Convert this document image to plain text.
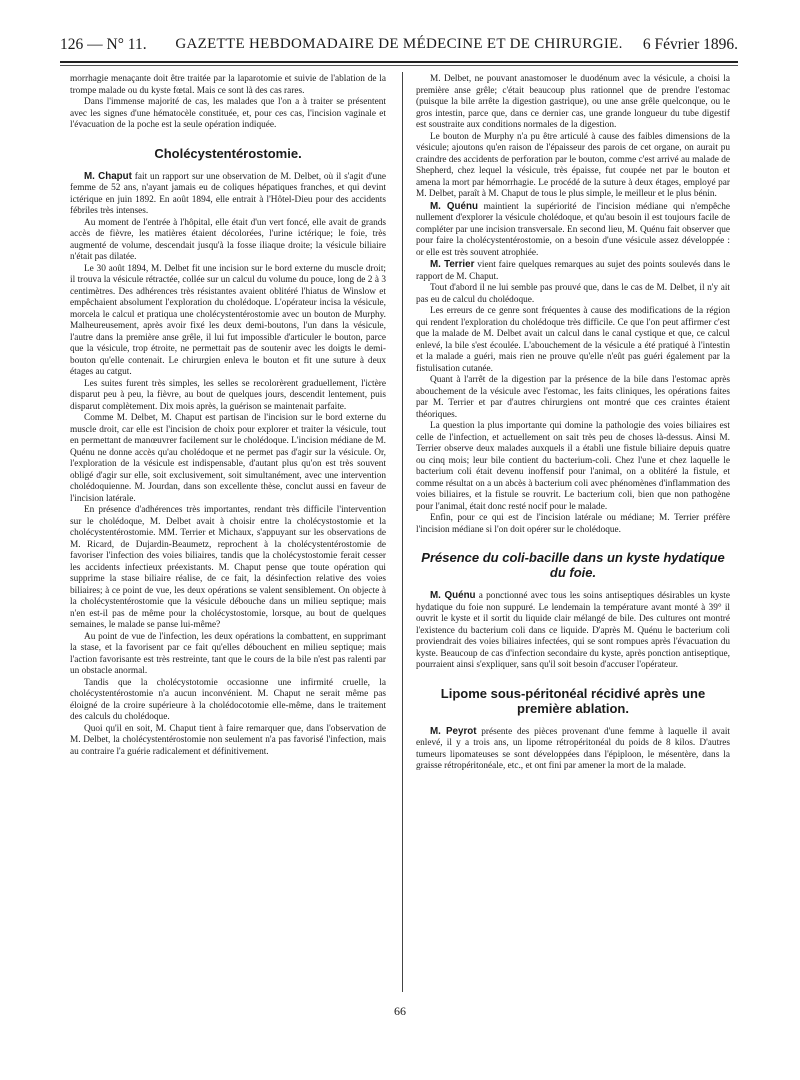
126 — N° 11.	GAZETTE HEBDOMADAIRE DE MÉDECINE ET DE CHIRURGIE.	6 Février 1896.

morrhagie menaçante doit être traitée par la laparotomie et suivie de l'ablation de la trompe malade ou du kyste fœtal. Mais ce sont là des cas rares.

Dans l'immense majorité de cas, les malades que l'on a à traiter se présentent avec les signes d'une hématocèle constituée, et, pour ces cas, l'incision vaginale et l'évacuation de la poche est la seule opération indiquée.

Cholécystentérostomie.

M. Chaput fait un rapport sur une observation de M. Delbet, où il s'agit d'une femme de 52 ans, n'ayant jamais eu de coliques hépatiques franches, et qui devint ictérique en juin 1892. En août 1894, elle entrait à l'Hôtel-Dieu pour des accidents fébriles très intenses.

Au moment de l'entrée à l'hôpital, elle était d'un vert foncé, elle avait de grands accès de fièvre, les matières étaient décolorées, l'urine ictérique; le foie, très augmenté de volume, descendait jusqu'à la fosse iliaque droite; la vésicule biliaire n'était pas dilatée.

Le 30 août 1894, M. Delbet fit une incision sur le bord externe du muscle droit; il trouva la vésicule rétractée, collée sur un calcul du volume du pouce, long de 2 à 3 centimètres. Des adhérences très résistantes avaient oblitéré l'hiatus de Winslow et empêchaient absolument l'exploration du cholédoque. L'opérateur incisa la vésicule, morcela le calcul et pratiqua une cholécystentérostomie avec un bouton de Murphy. Malheureusement, après avoir fixé les deux demi-boutons, l'un dans la vésicule, l'autre dans la première anse grêle, il lui fut impossible d'articuler le bouton, parce que la vésicule, trop étroite, ne permettait pas de soutenir avec les doigts le demi-bouton qu'elle contenait. Le chirurgien enleva le bouton et fit une suture à deux étages au catgut.

Les suites furent très simples, les selles se recolorèrent graduellement, l'ictère disparut peu à peu, la fièvre, au bout de quelques jours, descendit lentement, puis disparut complètement. Dix mois après, la guérison se maintenait parfaite.

Comme M. Delbet, M. Chaput est partisan de l'incision sur le bord externe du muscle droit, car elle est l'incision de choix pour explorer et traiter la vésicule, tout en permettant de manœuvrer facilement sur le cholédoque. L'incision médiane de M. Quénu ne donne accès qu'au cholédoque et ne permet pas d'agir sur la vésicule. Or, l'exploration de la vésicule est indispensable, d'autant plus qu'on est très souvent obligé d'agir sur elle, soit exclusivement, soit simultanément, avec une intervention cholédoquienne. M. Jourdan, dans son excellente thèse, conclut aussi en faveur de l'incision latérale.

En présence d'adhérences très importantes, rendant très difficile l'intervention sur le cholédoque, M. Delbet avait à choisir entre la cholécystostomie et la cholécystentérostomie. MM. Terrier et Michaux, s'appuyant sur les observations de M. Ricard, de Dujardin-Beaumetz, reprochent à la cholécystentérostomie de favoriser l'infection des voies biliaires, tandis que la cholécystostomie ferait cesser les accidents infectieux préexistants. M. Chaput pense que toute opération qui supprime la stase biliaire réalise, de ce fait, la désinfection relative des voies biliaires; à ce point de vue, les deux opérations se valent sensiblement. On objecte à la cholécystentérostomie que la vésicule débouche dans un milieu septique; mais n'en est-il pas de même pour la cholécystostomie, lorsque, au bout de quelques semaines, le malade se panse lui-même?

Au point de vue de l'infection, les deux opérations la combattent, en supprimant la stase, et la favorisent par ce fait qu'elles débouchent en milieu septique; mais l'action favorisante est très restreinte, tant que le cours de la bile n'est pas ralenti par un obstacle anormal.

Tandis que la cholécystotomie occasionne une infirmité cruelle, la cholécystentérostomie n'a aucun inconvénient. M. Chaput ne serait même pas éloigné de la croire supérieure à la cholédocotomie elle-même, dans le traitement des calculs du cholédoque.

Quoi qu'il en soit, M. Chaput tient à faire remarquer que, dans l'observation de M. Delbet, la cholécystentérostomie non seulement n'a pas favorisé l'infection, mais au contraire l'a guérie radicalement et définitivement.

M. Delbet, ne pouvant anastomoser le duodénum avec la vésicule, a choisi la première anse grêle; c'était beaucoup plus rationnel que de prendre l'estomac (puisque la bile arrête la digestion gastrique), ou une anse grêle quelconque, ou le gros intestin, parce que, dans ce dernier cas, une grande longueur du tube digestif est soustraite aux conditions normales de la digestion.

Le bouton de Murphy n'a pu être articulé à cause des faibles dimensions de la vésicule; ajoutons qu'en raison de l'épaisseur des parois de cet organe, on aurait pu craindre des accidents de perforation par le bouton, comme c'est arrivé au malade de Shepherd, chez lequel la vésicule, très épaisse, fut coupée net par le bouton et amena la mort par hémorrhagie. Le procédé de la suture à deux étages, employé par M. Delbet, paraît à M. Chaput de tous le plus simple, le meilleur et le plus bénin.

M. Quénu maintient la supériorité de l'incision médiane qui n'empêche nullement d'explorer la vésicule cholédoque, et qu'au besoin il est toujours facile de compléter par une incision transversale. En second lieu, M. Quénu fait observer que pour faire la cholécystentérostomie, on a besoin d'une vésicule assez développée : or elle est très souvent atrophiée.

M. Terrier vient faire quelques remarques au sujet des points soulevés dans le rapport de M. Chaput.

Tout d'abord il ne lui semble pas prouvé que, dans le cas de M. Delbet, il n'y ait pas eu de calcul du cholédoque.

Les erreurs de ce genre sont fréquentes à cause des modifications de la région qui rendent l'exploration du cholédoque très difficile. Ce que l'on peut affirmer c'est que la malade de M. Delbet avait un calcul dans le canal cystique et que, ce calcul enlevé, la bile s'est écoulée. L'abouchement de la vésicule a été pratiqué à l'intestin et la malade a guéri, mais rien ne prouve qu'elle n'eût pas guéri également par la fistulisation cutanée.

Quant à l'arrêt de la digestion par la présence de la bile dans l'estomac après abouchement de la vésicule avec l'estomac, les faits cliniques, les opérations faites par M. Terrier et par d'autres chirurgiens ont montré que ces craintes étaient théoriques.

La question la plus importante qui domine la pathologie des voies biliaires est celle de l'infection, et actuellement on sait très peu de choses là-dessus. Ainsi M. Terrier observe deux malades auxquels il a établi une fistule biliaire depuis quatre ou cinq mois; leur bile contient du bacterium-coli. Chez l'une et chez laquelle le bacterium coli était devenu inoffensif pour l'animal, on a oblitéré la fistule, et comme résultat on a un abcès à bacterium coli avec phénomènes d'inflammation des voies biliaires, et la fistule se rouvrit. Le bacterium coli, bien que non pathogène pour l'animal, était donc resté nocif pour le malade.

Enfin, pour ce qui est de l'incision latérale ou médiane; M. Terrier préfère l'incision médiane si l'on doit opérer sur le cholédoque.

Présence du coli-bacille dans un kyste hydatique du foie.

M. Quénu a ponctionné avec tous les soins antiseptiques désirables un kyste hydatique du foie non suppuré. Le lendemain la température avant monté à 39° il ouvrit le kyste et il sortit du liquide clair mélangé de bile. Des cultures ont montré l'existence du bacterium coli dans ce liquide. D'après M. Quénu le bacterium coli proviendrait des voies biliaires infectées, qui se sont rompues après l'évacuation du kyste. Beaucoup de cas d'infection secondaire du kyste, après ponction antiseptique, pourraient ainsi s'expliquer, sans qu'il soit besoin d'accuser l'opérateur.

Lipome sous-péritonéal récidivé après une première ablation.

M. Peyrot présente des pièces provenant d'une femme à laquelle il avait enlevé, il y a trois ans, un lipome rétropéritonéal du poids de 8 kilos. D'autres tumeurs lipomateuses se sont développées dans l'épiploon, le mésentère, dans la graisse rétropéritonéale, etc., et ont fini par amener la mort de la malade.

66
